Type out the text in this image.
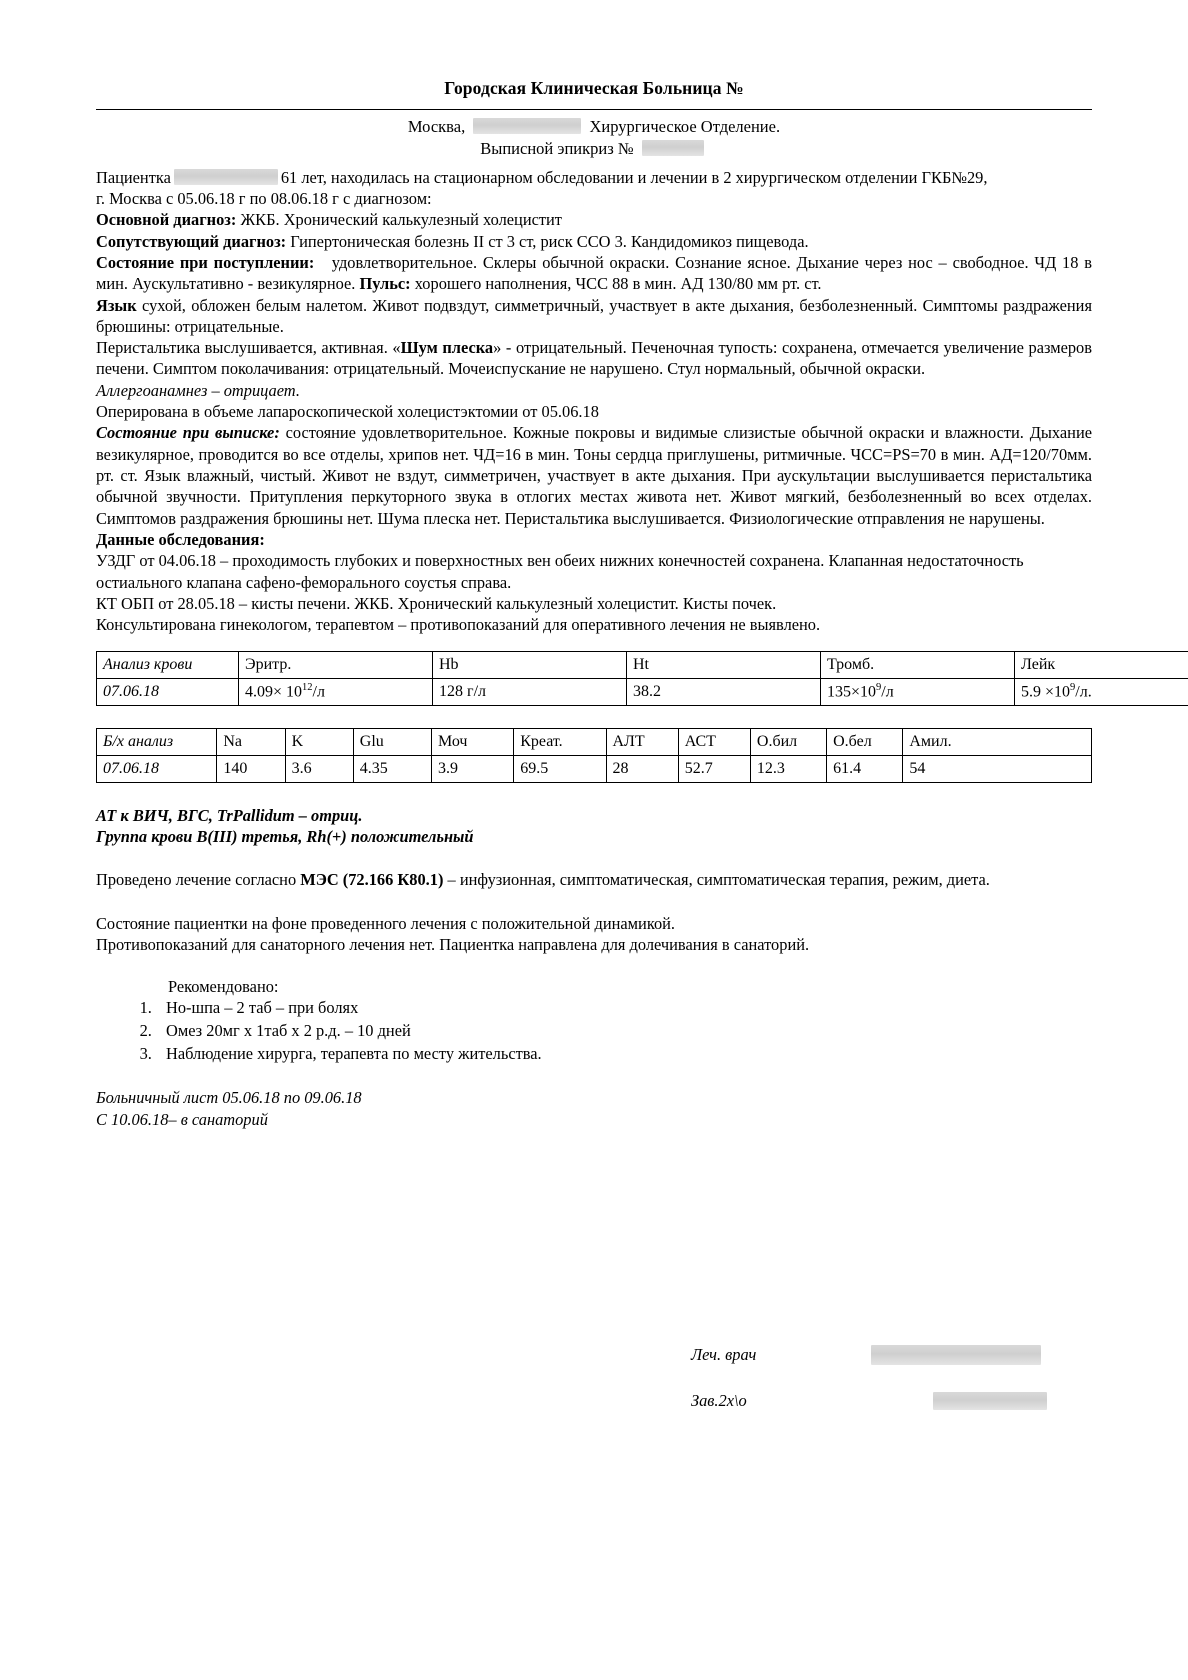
Городская Клиническая Больница №
Москва,	Хирургическое Отделение.
Выписной эпикриз №

Пациентка	61 лет, находилась на стационарном обследовании и лечении в 2 хирургическом отделении ГКБ№29,

г. Москва с 05.06.18 г по 08.06.18 г с диагнозом:

Основной диагноз: ЖКБ. Хронический калькулезный холецистит

Сопутствующий диагноз: Гипертоническая болезнь II ст 3 ст, риск ССО 3. Кандидомикоз пищевода.

Состояние при поступлении: удовлетворительное. Склеры обычной окраски. Сознание ясное. Дыхание через нос – свободное. ЧД 18 в мин. Аускультативно - везикулярное. Пульс: хорошего наполнения, ЧСС 88 в мин. АД 130/80 мм рт. ст.

Язык сухой, обложен белым налетом. Живот подвздут, симметричный, участвует в акте дыхания, безболезненный. Симптомы раздражения брюшины: отрицательные.

Перистальтика выслушивается, активная. «Шум плеска» - отрицательный. Печеночная тупость: сохранена, отмечается увеличение размеров печени. Симптом поколачивания: отрицательный. Мочеиспускание не нарушено. Стул нормальный, обычной окраски.

Аллергоанамнез – отрицает.

Оперирована в объеме лапароскопической холецистэктомии от 05.06.18

Состояние при выписке: состояние удовлетворительное. Кожные покровы и видимые слизистые обычной окраски и влажности. Дыхание везикулярное, проводится во все отделы, хрипов нет. ЧД=16 в мин. Тоны сердца приглушены, ритмичные. ЧСС=PS=70 в мин. АД=120/70мм. рт. ст. Язык влажный, чистый. Живот не вздут, симметричен, участвует в акте дыхания. При аускультации выслушивается перистальтика обычной звучности. Притупления перкуторного звука в отлогих местах живота нет. Живот мягкий, безболезненный во всех отделах. Симптомов раздражения брюшины нет. Шума плеска нет. Перистальтика выслушивается. Физиологические отправления не нарушены.

Данные обследования:

УЗДГ от 04.06.18 – проходимость глубоких и поверхностных вен обеих нижних конечностей сохранена. Клапанная недостаточность остиального клапана сафено-феморального соустья справа.

КТ ОБП от 28.05.18 – кисты печени. ЖКБ. Хронический калькулезный холецистит. Кисты почек.

Консультирована гинекологом, терапевтом – противопоказаний для оперативного лечения не выявлено.

Анализ крови	Эритр.	Hb	Ht	Тромб.	Лейк
07.06.18	$4.09\times 10^{12}/л$	128 г/л	38.2	$135\times 10^9/л$	$5.9 \times 10^9/л$.
Б/х анализ	Na	K	Glu	Моч	Креат.	АЛТ	АСТ	О.бил	О.бел	Амил.
07.06.18	140	3.6	4.35	3.9	69.5	28	52.7	12.3	61.4	54

АТ к ВИЧ, ВГС, TrPallidum – отриц.

Группа крови В(III) третья, Rh(+) положительный

Проведено лечение согласно МЭС (72.166 К80.1) – инфузионная, симптоматическая, симптоматическая терапия, режим, диета.

Состояние пациентки на фоне проведенного лечения с положительной динамикой.

Противопоказаний для санаторного лечения нет. Пациентка направлена для долечивания в санаторий.

Рекомендовано:
1. Но-шпа – 2 таб – при болях
2. Омез 20мг х 1таб х 2 р.д. – 10 дней
3. Наблюдение хирурга, терапевта по месту жительства.

Больничный лист 05.06.18 по 09.06.18

С 10.06.18– в санаторий

Леч. врач
Зав.2х\о
